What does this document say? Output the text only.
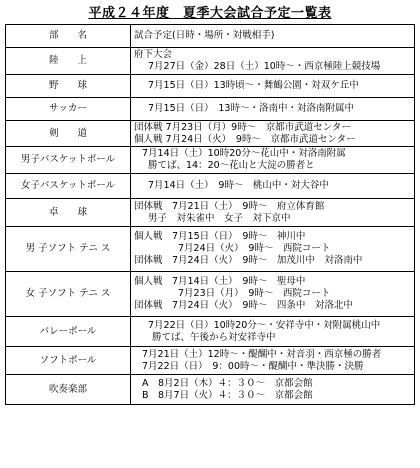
平成２４年度　夏季大会試合予定一覧表
部　　名	試合予定(日時・場所・対戦相手)
陸　　上	府下大会
7月27日（金）28日（土）10時～・西京極陸上競技場

野　　球	7月15日（日）13時頃～・舞鶴公園・対双ケ丘中

サッカー	7月15日（日）　13時～・洛南中・対洛南附属中

剣　　道	団体戦 7月23日（月）9時～　京都市武道センター
個人戦 7月24日（火）　9時～　京都市武道センター

男子バスケットボール	7月14日（土）10時20分～花山中・対洛南附属
勝てば、14：20～花山と大淀の勝者と

女子バスケットボール	7月14日（土）　9時～　桃山中・対大谷中

卓　　球	団体戦　7月21日（土）　9時～　府立体育館
男子　対朱雀中　女子　対下京中

男 子ソフト テニ ス	個人戦　7月15日（日）　9時～　神川中
7月24日（火）　9時～　西院コート
団体戦　7月24日（火）　9時～　加茂川中　対洛南中

女 子ソフト テニ ス	個人戦　7月14日（土）　9時～　聖母中
7月23日（月）　9時～　西院コート
団体戦　7月24日（火）　9時～　四条中　対洛北中

バレーボール	7月22日（日）10時20分～・安祥寺中・対附属桃山中
勝てば、午後から対安祥寺中

ソフトボール	7月21日（土）12時～・醍醐中・対音羽・西京極の勝者
7月22日（日）　9：00時～・醍醐中・準決勝・決勝

吹奏楽部	A　8月2日（木）４：３０～　京都会館
B　8月7日（火）４：３０～　京都会館
